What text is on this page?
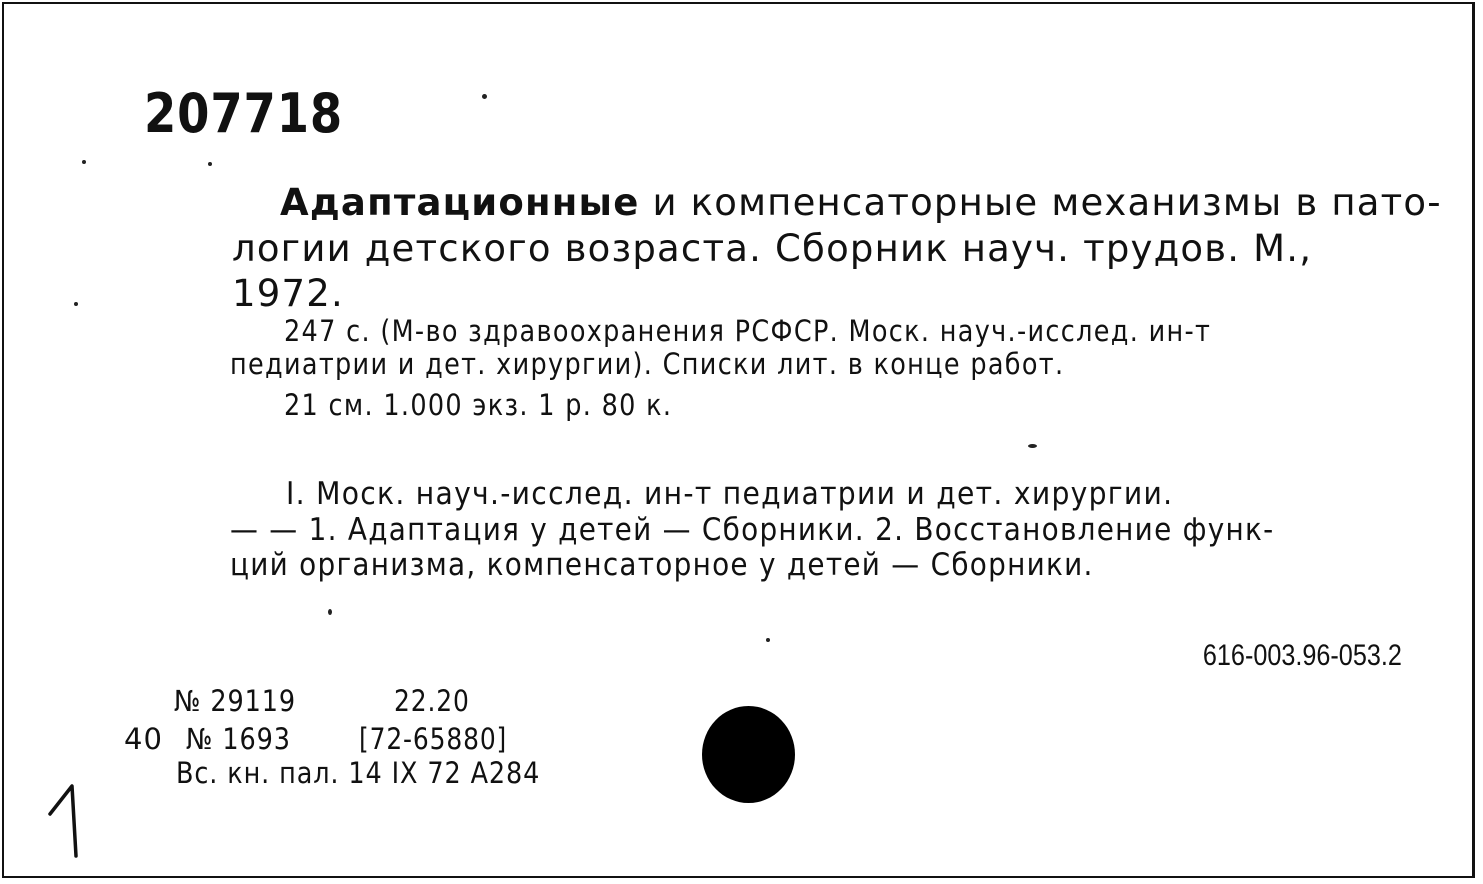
207718
Адаптационные и компенсаторные механизмы в пато-
логии детского возраста. Сборник науч. трудов. М.,
1972.
247 с. (М-во здравоохранения РСФСР. Моск. науч.-исслед. ин-т
педиатрии и дет. хирургии). Списки лит. в конце работ.
21 см. 1.000 экз. 1 р. 80 к.
I. Моск. науч.-исслед. ин-т педиатрии и дет. хирургии.
— — 1. Адаптация у детей — Сборники. 2. Восстановление функ-
ций организма, компенсаторное у детей — Сборники.
616-003.96-053.2
№ 29119	22.20
40 № 1693	[72-65880]
Вс. кн. пал. 14 IX 72 A284
